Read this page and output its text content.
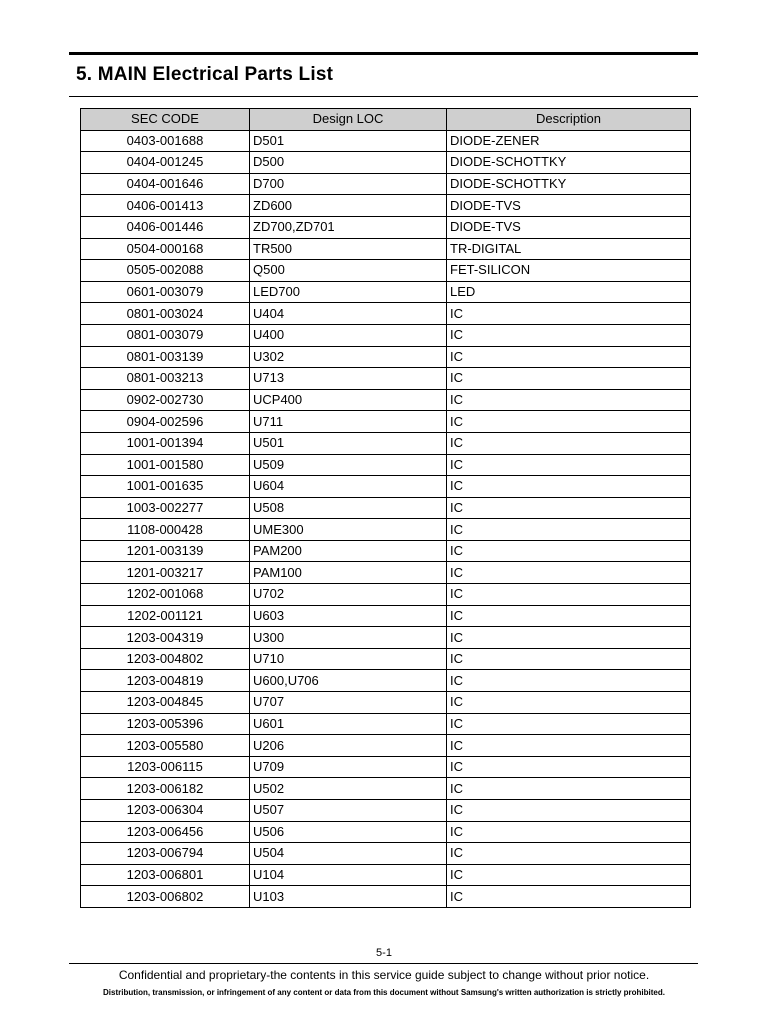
5. MAIN Electrical Parts List
SEC CODE	Design LOC	Description
0403-001688	D501	DIODE-ZENER
0404-001245	D500	DIODE-SCHOTTKY
0404-001646	D700	DIODE-SCHOTTKY
0406-001413	ZD600	DIODE-TVS
0406-001446	ZD700,ZD701	DIODE-TVS
0504-000168	TR500	TR-DIGITAL
0505-002088	Q500	FET-SILICON
0601-003079	LED700	LED
0801-003024	U404	IC
0801-003079	U400	IC
0801-003139	U302	IC
0801-003213	U713	IC
0902-002730	UCP400	IC
0904-002596	U711	IC
1001-001394	U501	IC
1001-001580	U509	IC
1001-001635	U604	IC
1003-002277	U508	IC
1108-000428	UME300	IC
1201-003139	PAM200	IC
1201-003217	PAM100	IC
1202-001068	U702	IC
1202-001121	U603	IC
1203-004319	U300	IC
1203-004802	U710	IC
1203-004819	U600,U706	IC
1203-004845	U707	IC
1203-005396	U601	IC
1203-005580	U206	IC
1203-006115	U709	IC
1203-006182	U502	IC
1203-006304	U507	IC
1203-006456	U506	IC
1203-006794	U504	IC
1203-006801	U104	IC
1203-006802	U103	IC
5-1
Confidential and proprietary-the contents in this service guide subject to change without prior notice.
Distribution, transmission, or infringement of any content or data from this document without Samsung's written authorization is strictly prohibited.
